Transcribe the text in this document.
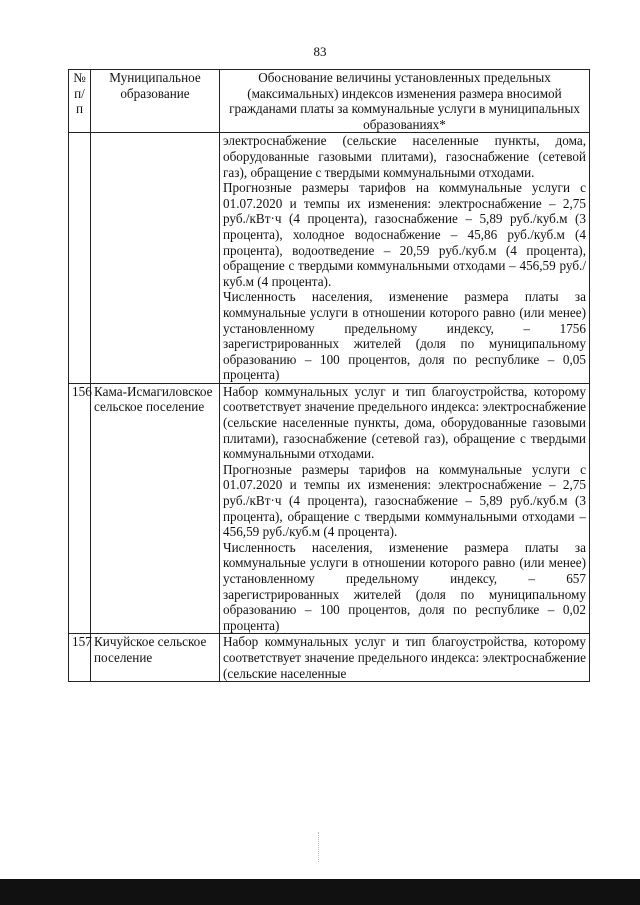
83
№ п/п	Муниципальное образование	Обоснование величины установленных предельных (максимальных) индексов изменения размера вносимой гражданами платы за коммунальные услуги в муниципальных образованиях*

		электроснабжение (сельские населенные пункты, дома, оборудованные газовыми плитами), газоснабжение (сетевой газ), обращение с твердыми коммунальными отходами.

Прогнозные размеры тарифов на коммунальные услуги с 01.07.2020 и темпы их изменения: электроснабжение – 2,75 руб./кВт·ч (4 процента), газоснабжение – 5,89 руб./куб.м (3 процента), холодное водоснабжение – 45,86 руб./куб.м (4 процента), водоотведение – 20,59 руб./куб.м (4 процента), обращение с твердыми коммунальными отходами – 456,59 руб./куб.м (4 процента).

Численность населения, изменение размера платы за коммунальные услуги в отношении которого равно (или менее) установленному предельному индексу, – 1756 зарегистрированных жителей (доля по муниципальному образованию – 100 процентов, доля по республике – 0,05 процента)

156	Кама-Исмагиловское сельское поселение	Набор коммунальных услуг и тип благоустройства, которому соответствует значение предельного индекса: электроснабжение (сельские населенные пункты, дома, оборудованные газовыми плитами), газоснабжение (сетевой газ), обращение с твердыми коммунальными отходами.

Прогнозные размеры тарифов на коммунальные услуги с 01.07.2020 и темпы их изменения: электроснабжение – 2,75 руб./кВт·ч (4 процента), газоснабжение – 5,89 руб./куб.м (3 процента), обращение с твердыми коммунальными отходами – 456,59 руб./куб.м (4 процента).

Численность населения, изменение размера платы за коммунальные услуги в отношении которого равно (или менее) установленному предельному индексу, – 657 зарегистрированных жителей (доля по муниципальному образованию – 100 процентов, доля по республике – 0,02 процента)

157	Кичуйское сельское поселение	Набор коммунальных услуг и тип благоустройства, которому соответствует значение предельного индекса: электроснабжение (сельские населенные
